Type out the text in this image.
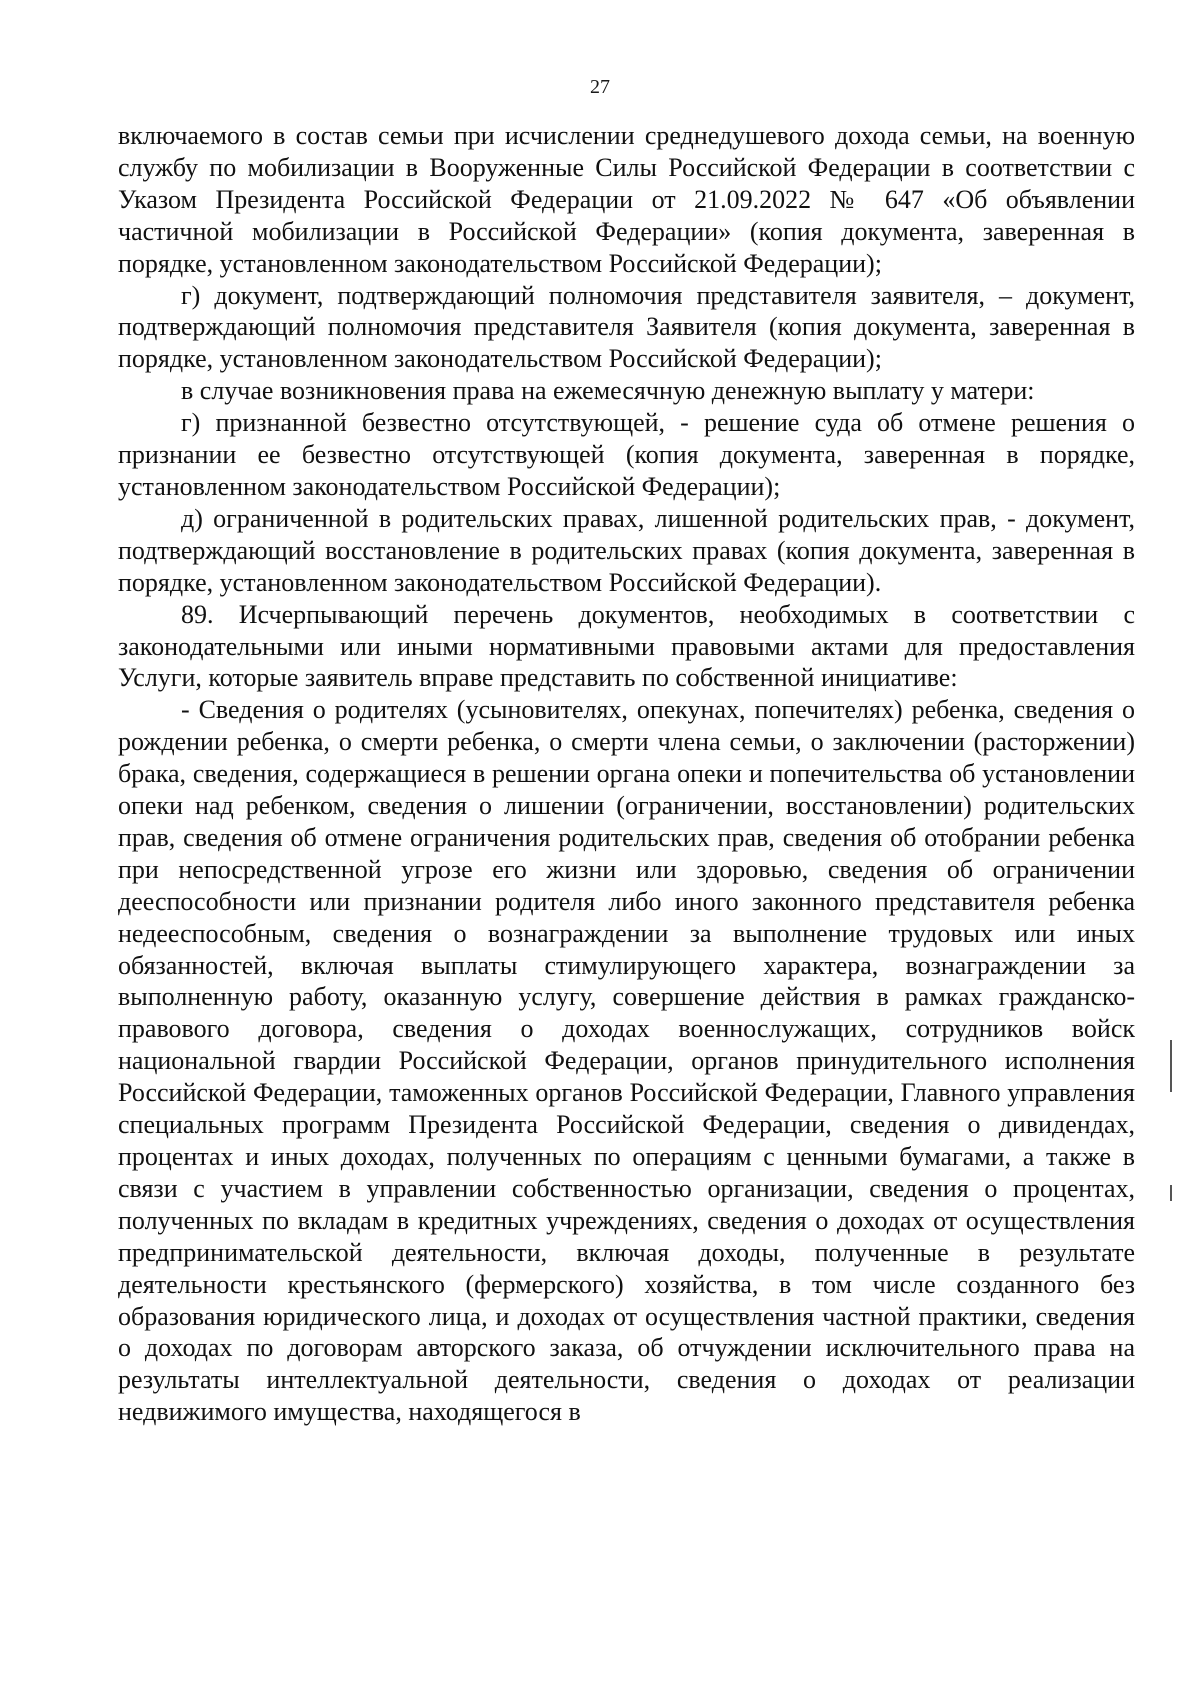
27

включаемого в состав семьи при исчислении среднедушевого дохода семьи, на военную службу по мобилизации в Вооруженные Силы Российской Федерации в соответствии с Указом Президента Российской Федерации от 21.09.2022 № 647 «Об объявлении частичной мобилизации в Российской Федерации» (копия документа, заверенная в порядке, установленном законодательством Российской Федерации);

г) документ, подтверждающий полномочия представителя заявителя, – документ, подтверждающий полномочия представителя Заявителя (копия документа, заверенная в порядке, установленном законодательством Российской Федерации);

в случае возникновения права на ежемесячную денежную выплату у матери:

г) признанной безвестно отсутствующей, - решение суда об отмене решения о признании ее безвестно отсутствующей (копия документа, заверенная в порядке, установленном законодательством Российской Федерации);

д) ограниченной в родительских правах, лишенной родительских прав, - документ, подтверждающий восстановление в родительских правах (копия документа, заверенная в порядке, установленном законодательством Российской Федерации).

89. Исчерпывающий перечень документов, необходимых в соответствии с законодательными или иными нормативными правовыми актами для предоставления Услуги, которые заявитель вправе представить по собственной инициативе:

- Сведения о родителях (усыновителях, опекунах, попечителях) ребенка, сведения о рождении ребенка, о смерти ребенка, о смерти члена семьи, о заключении (расторжении) брака, сведения, содержащиеся в решении органа опеки и попечительства об установлении опеки над ребенком, сведения о лишении (ограничении, восстановлении) родительских прав, сведения об отмене ограничения родительских прав, сведения об отобрании ребенка при непосредственной угрозе его жизни или здоровью, сведения об ограничении дееспособности или признании родителя либо иного законного представителя ребенка недееспособным, сведения о вознаграждении за выполнение трудовых или иных обязанностей, включая выплаты стимулирующего характера, вознаграждении за выполненную работу, оказанную услугу, совершение действия в рамках гражданско-правового договора, сведения о доходах военнослужащих, сотрудников войск национальной гвардии Российской Федерации, органов принудительного исполнения Российской Федерации, таможенных органов Российской Федерации, Главного управления специальных программ Президента Российской Федерации, сведения о дивидендах, процентах и иных доходах, полученных по операциям с ценными бумагами, а также в связи с участием в управлении собственностью организации, сведения о процентах, полученных по вкладам в кредитных учреждениях, сведения о доходах от осуществления предпринимательской деятельности, включая доходы, полученные в результате деятельности крестьянского (фермерского) хозяйства, в том числе созданного без образования юридического лица, и доходах от осуществления частной практики, сведения о доходах по договорам авторского заказа, об отчуждении исключительного права на результаты интеллектуальной деятельности, сведения о доходах от реализации недвижимого имущества, находящегося в
